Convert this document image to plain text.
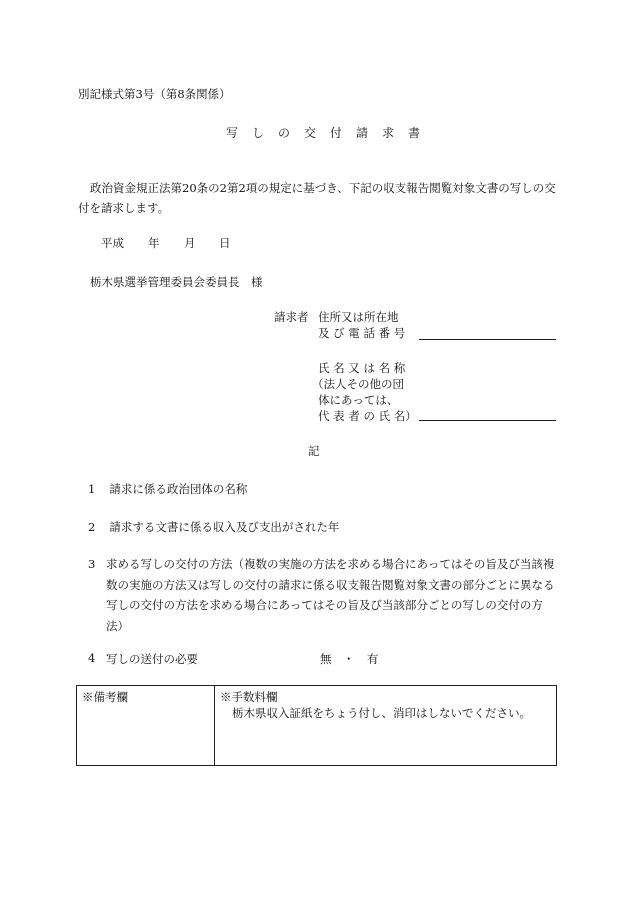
別記様式第3号（第8条関係）
写　し　の　交　付　請　求　書
政治資金規正法第20条の2第2項の規定に基づき、下記の収支報告閲覧対象文書の写しの交付を請求します。
平成 年 月 日
栃木県選挙管理委員会委員長　様
請求者 住所又は所在地
及 び 電 話 番 号
氏 名 又 は 名 称
（法人その他の団
体にあっては、
代 表 者 の 氏 名）
記
1 請求に係る政治団体の名称
2 請求する文書に係る収入及び支出がされた年
3 求める写しの交付の方法（複数の実施の方法を求める場合にあってはその旨及び当該複数の実施の方法又は写しの交付の請求に係る収支報告閲覧対象文書の部分ごとに異なる写しの交付の方法を求める場合にあってはその旨及び当該部分ごとの写しの交付の方法）
4 写しの送付の必要	無 ・ 有
※備考欄	※手数料欄
栃木県収入証紙をちょう付し、消印はしないでください。
